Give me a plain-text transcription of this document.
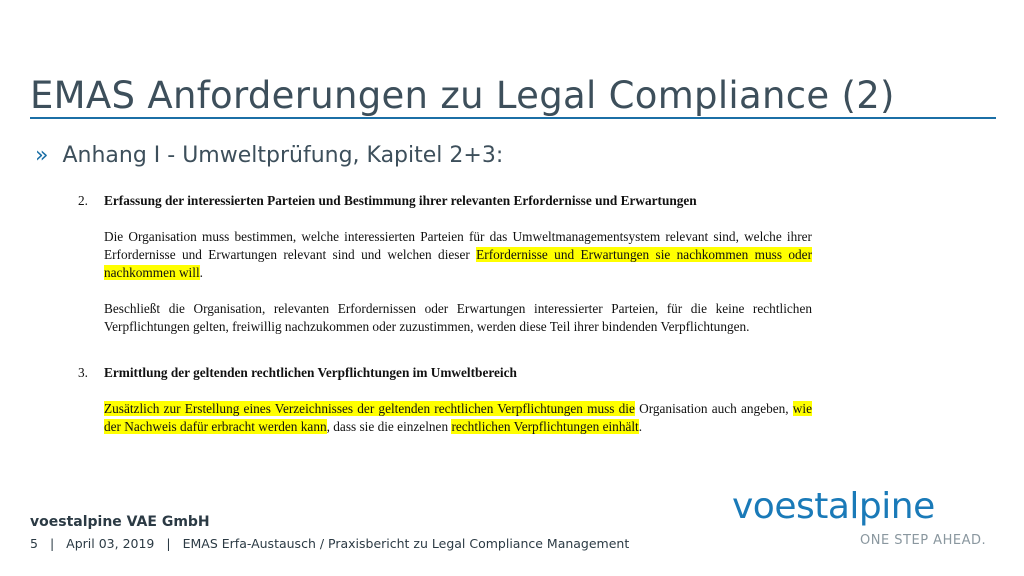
EMAS Anforderungen zu Legal Compliance (2)
» Anhang I - Umweltprüfung, Kapitel 2+3:
2.	Erfassung der interessierten Parteien und Bestimmung ihrer relevanten Erfordernisse und Erwartungen
Die Organisation muss bestimmen, welche interessierten Parteien für das Umweltmanagementsystem relevant sind, welche ihrer Erfordernisse und Erwartungen relevant sind und welchen dieser Erfordernisse und Erwartungen sie nachkommen muss oder nachkommen will.
Beschließt die Organisation, relevanten Erfordernissen oder Erwartungen interessierter Parteien, für die keine rechtlichen Verpflichtungen gelten, freiwillig nachzukommen oder zuzustimmen, werden diese Teil ihrer bindenden Verpflichtungen.
3.	Ermittlung der geltenden rechtlichen Verpflichtungen im Umweltbereich
Zusätzlich zur Erstellung eines Verzeichnisses der geltenden rechtlichen Verpflichtungen muss die Organisation auch angeben, wie der Nachweis dafür erbracht werden kann, dass sie die einzelnen rechtlichen Verpflichtungen einhält.
voestalpine VAE GmbH
5 | April 03, 2019 | EMAS Erfa-Austausch / Praxisbericht zu Legal Compliance Management
voestalpine
ONE STEP AHEAD.
